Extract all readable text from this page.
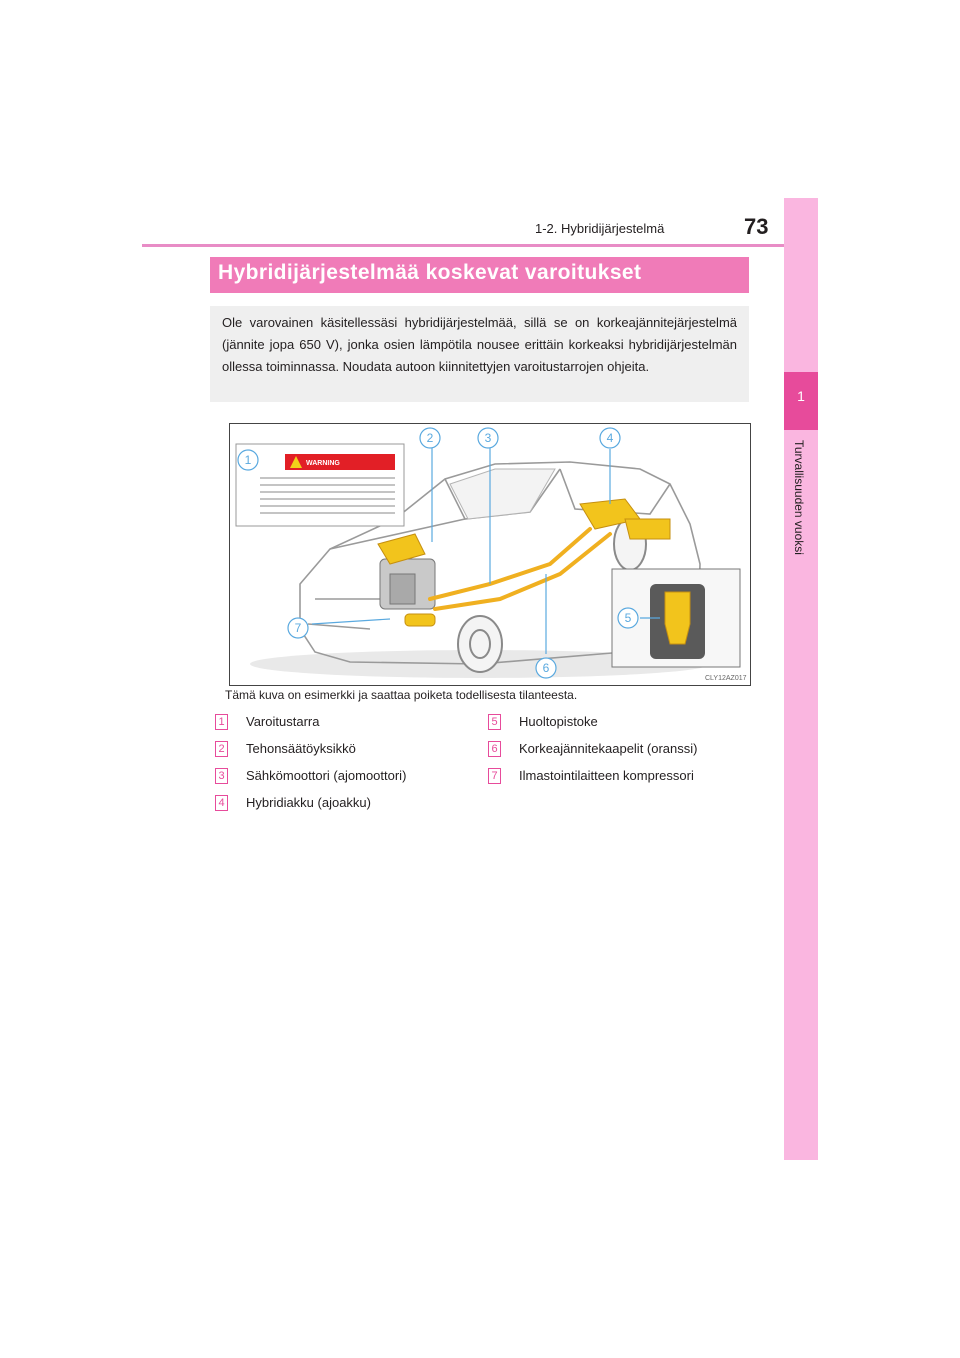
1-2. Hybridijärjestelmä	73
1
Turvallisuuden vuoksi
Hybridijärjestelmää koskevat varoitukset

Ole varovainen käsitellessäsi hybridijärjestelmää, sillä se on korkeajännitejärjestelmä (jännite jopa 650 V), jonka osien lämpötila nousee erittäin korkeaksi hybridijärjestelmän ollessa toiminnassa. Noudata autoon kiinnitettyjen varoitustarrojen ohjeita.

WARNING
1
2	3	4
5
6
7
CLY12AZ017
Tämä kuva on esimerkki ja saattaa poiketa todellisesta tilanteesta.
1 Varoitustarra
2 Tehonsäätöyksikkö
3 Sähkömoottori (ajomoottori)
4 Hybridiakku (ajoakku)
5 Huoltopistoke
6 Korkeajännitekaapelit (oranssi)
7 Ilmastointilaitteen kompressori
